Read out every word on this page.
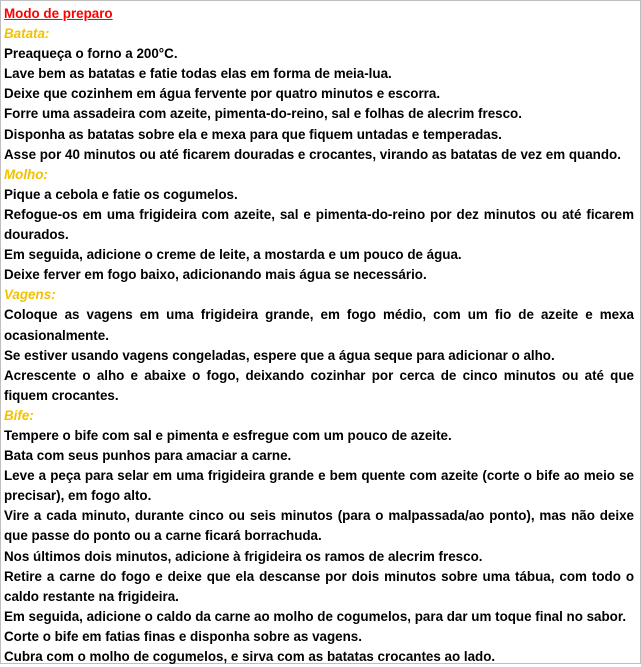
Modo de preparo
Batata:
Preaqueça o forno a 200°C.
Lave bem as batatas e fatie todas elas em forma de meia-lua.
Deixe que cozinhem em água fervente por quatro minutos e escorra.
Forre uma assadeira com azeite, pimenta-do-reino, sal e folhas de alecrim fresco.
Disponha as batatas sobre ela e mexa para que fiquem untadas e temperadas.
Asse por 40 minutos ou até ficarem douradas e crocantes, virando as batatas de vez em quando.
Molho:
Pique a cebola e fatie os cogumelos.
Refogue-os em uma frigideira com azeite, sal e pimenta-do-reino por dez minutos ou até ficarem dourados.
Em seguida, adicione o creme de leite, a mostarda e um pouco de água.
Deixe ferver em fogo baixo, adicionando mais água se necessário.
Vagens:
Coloque as vagens em uma frigideira grande, em fogo médio, com um fio de azeite e mexa ocasionalmente.
Se estiver usando vagens congeladas, espere que a água seque para adicionar o alho.
Acrescente o alho e abaixe o fogo, deixando cozinhar por cerca de cinco minutos ou até que fiquem crocantes.
Bife:
Tempere o bife com sal e pimenta e esfregue com um pouco de azeite.
Bata com seus punhos para amaciar a carne.
Leve a peça para selar em uma frigideira grande e bem quente com azeite (corte o bife ao meio se precisar), em fogo alto.
Vire a cada minuto, durante cinco ou seis minutos (para o malpassada/ao ponto), mas não deixe que passe do ponto ou a carne ficará borrachuda.
Nos últimos dois minutos, adicione à frigideira os ramos de alecrim fresco.
Retire a carne do fogo e deixe que ela descanse por dois minutos sobre uma tábua, com todo o caldo restante na frigideira.
Em seguida, adicione o caldo da carne ao molho de cogumelos, para dar um toque final no sabor.
Corte o bife em fatias finas e disponha sobre as vagens.
Cubra com o molho de cogumelos, e sirva com as batatas crocantes ao lado.
